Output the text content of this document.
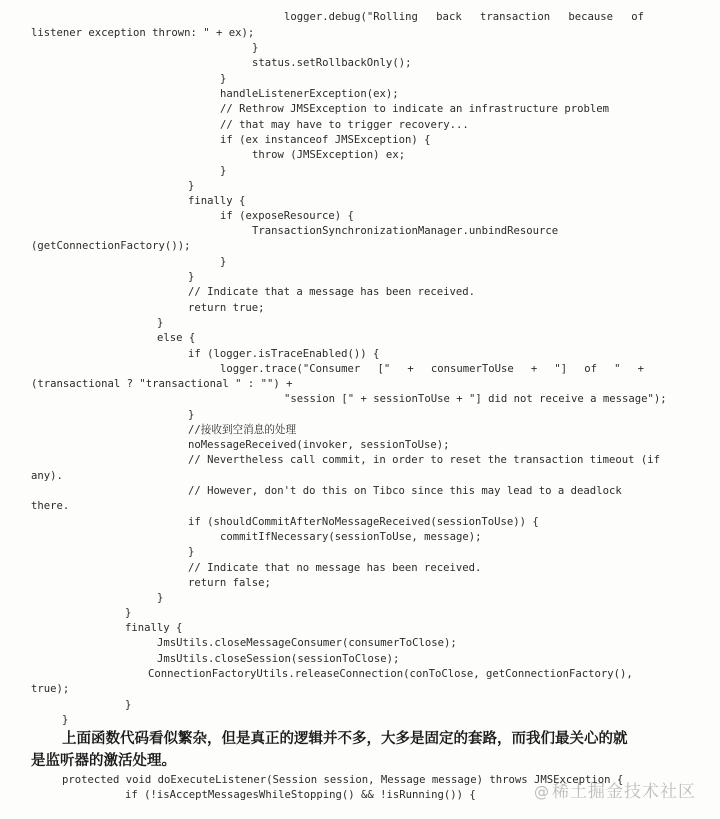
logger.debug("Rolling back transaction because of
listener exception thrown: " + ex);
}
status.setRollbackOnly();
}
handleListenerException(ex);
// Rethrow JMSException to indicate an infrastructure problem
// that may have to trigger recovery...
if (ex instanceof JMSException) {
throw (JMSException) ex;
}
}
finally {
if (exposeResource) {
TransactionSynchronizationManager.unbindResource
(getConnectionFactory());
}
}
// Indicate that a message has been received.
return true;
}
else {
if (logger.isTraceEnabled()) {
logger.trace("Consumer [" + consumerToUse + "] of " +
(transactional ? "transactional " : "") +
"session [" + sessionToUse + "] did not receive a message");
}
//接收到空消息的处理
noMessageReceived(invoker, sessionToUse);
// Nevertheless call commit, in order to reset the transaction timeout (if
any).
// However, don't do this on Tibco since this may lead to a deadlock
there.
if (shouldCommitAfterNoMessageReceived(sessionToUse)) {
commitIfNecessary(sessionToUse, message);
}
// Indicate that no message has been received.
return false;
}
}
finally {
JmsUtils.closeMessageConsumer(consumerToClose);
JmsUtils.closeSession(sessionToClose);
ConnectionFactoryUtils.releaseConnection(conToClose, getConnectionFactory(),
true);
}
}
上面函数代码看似繁杂，但是真正的逻辑并不多，大多是固定的套路，而我们最关心的就
是监听器的激活处理。
protected void doExecuteListener(Session session, Message message) throws JMSException {
if (!isAcceptMessagesWhileStopping() && !isRunning()) {	@ 稀土掘金技术社区
